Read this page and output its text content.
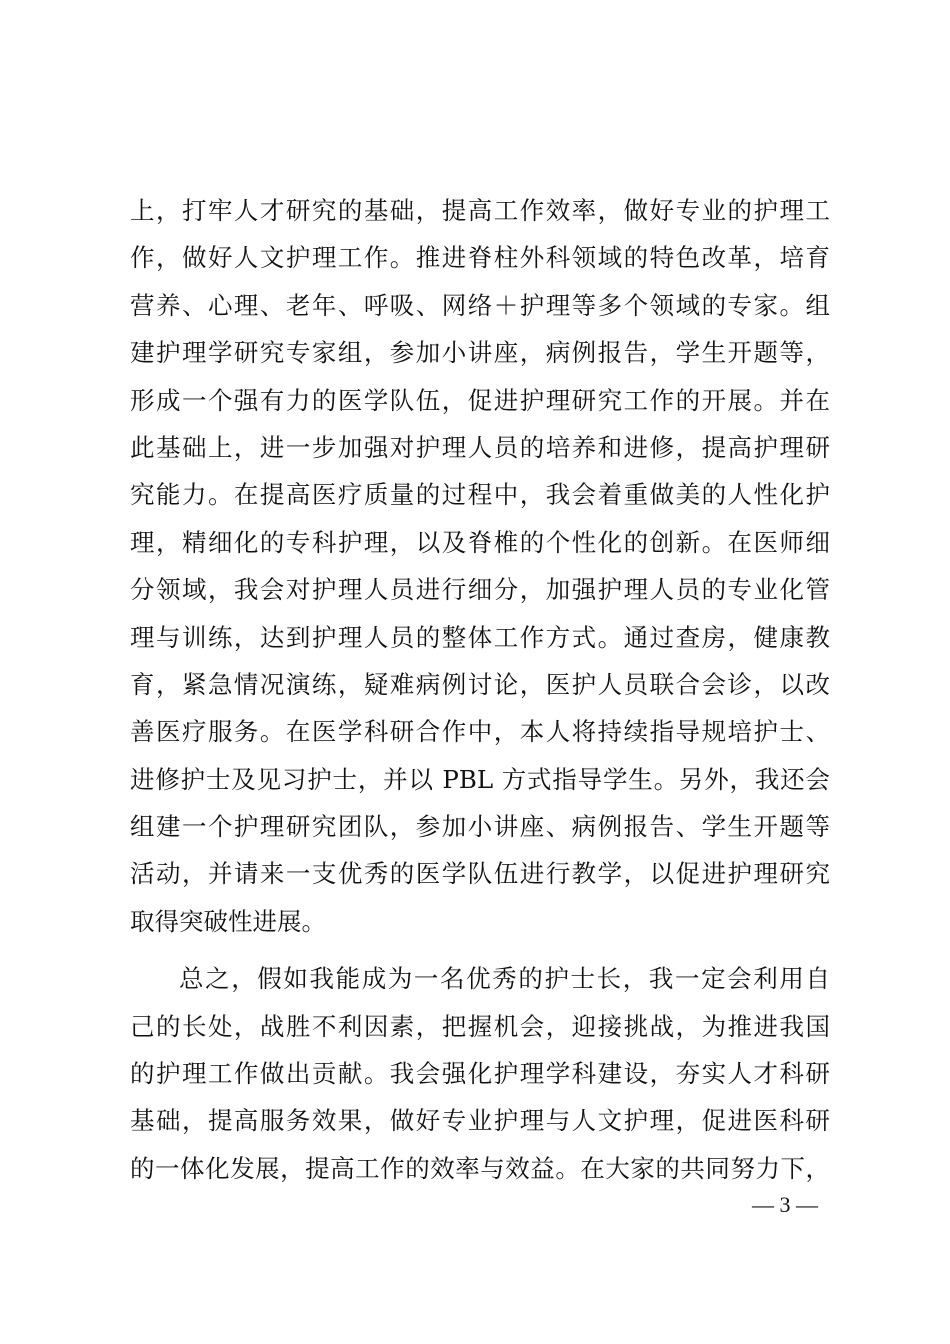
上，打牢人才研究的基础，提高工作效率，做好专业的护理工
作，做好人文护理工作。推进脊柱外科领域的特色改革，培育
营养、心理、老年、呼吸、网络＋护理等多个领域的专家。组
建护理学研究专家组，参加小讲座，病例报告，学生开题等，
形成一个强有力的医学队伍，促进护理研究工作的开展。并在
此基础上，进一步加强对护理人员的培养和进修，提高护理研
究能力。在提高医疗质量的过程中，我会着重做美的人性化护
理，精细化的专科护理，以及脊椎的个性化的创新。在医师细
分领域，我会对护理人员进行细分，加强护理人员的专业化管
理与训练，达到护理人员的整体工作方式。通过查房，健康教
育，紧急情况演练，疑难病例讨论，医护人员联合会诊，以改
善医疗服务。在医学科研合作中，本人将持续指导规培护士、
进修护士及见习护士，并以 PBL 方式指导学生。另外，我还会
组建一个护理研究团队，参加小讲座、病例报告、学生开题等
活动，并请来一支优秀的医学队伍进行教学，以促进护理研究
取得突破性进展。
总之，假如我能成为一名优秀的护士长，我一定会利用自
己的长处，战胜不利因素，把握机会，迎接挑战，为推进我国
的护理工作做出贡献。我会强化护理学科建设，夯实人才科研
基础，提高服务效果，做好专业护理与人文护理，促进医科研
的一体化发展，提高工作的效率与效益。在大家的共同努力下，
— 3 —
